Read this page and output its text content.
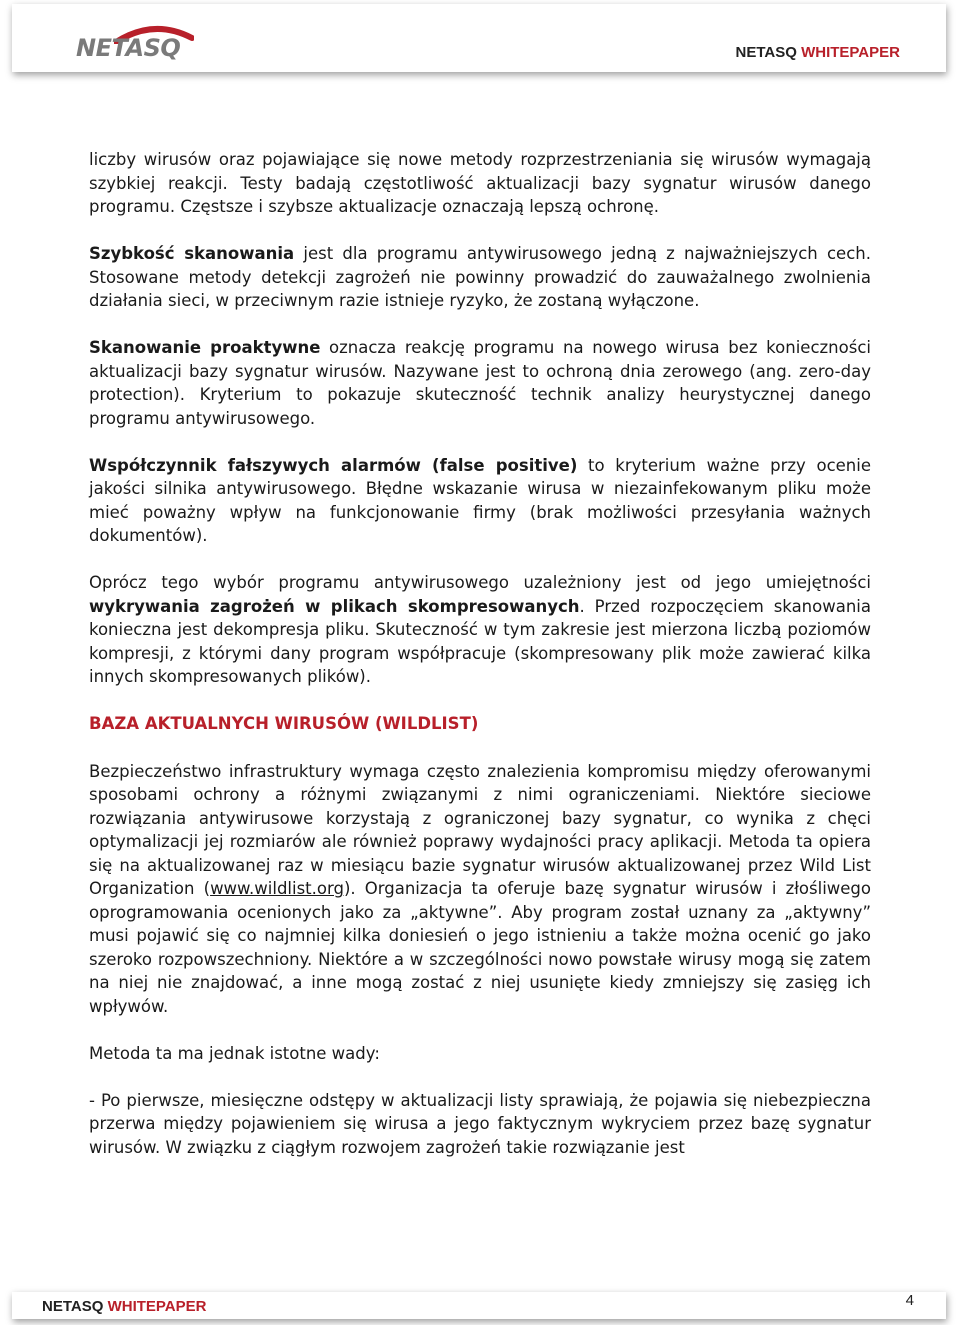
NETASQ	NETASQ WHITEPAPER

liczby wirusów oraz pojawiające się nowe metody rozprzestrzeniania się wirusów wymagają szybkiej reakcji. Testy badają częstotliwość aktualizacji bazy sygnatur wirusów danego programu. Częstsze i szybsze aktualizacje oznaczają lepszą ochronę.

Szybkość skanowania jest dla programu antywirusowego jedną z najważniejszych cech. Stosowane metody detekcji zagrożeń nie powinny prowadzić do zauważalnego zwolnienia działania sieci, w przeciwnym razie istnieje ryzyko, że zostaną wyłączone.

Skanowanie proaktywne oznacza reakcję programu na nowego wirusa bez konieczności aktualizacji bazy sygnatur wirusów. Nazywane jest to ochroną dnia zerowego (ang. zero-day protection). Kryterium to pokazuje skuteczność technik analizy heurystycznej danego programu antywirusowego.

Współczynnik fałszywych alarmów (false positive) to kryterium ważne przy ocenie jakości silnika antywirusowego. Błędne wskazanie wirusa w niezainfekowanym pliku może mieć poważny wpływ na funkcjonowanie firmy (brak możliwości przesyłania ważnych dokumentów).

Oprócz tego wybór programu antywirusowego uzależniony jest od jego umiejętności wykrywania zagrożeń w plikach skompresowanych. Przed rozpoczęciem skanowania konieczna jest dekompresja pliku. Skuteczność w tym zakresie jest mierzona liczbą poziomów kompresji, z którymi dany program współpracuje (skompresowany plik może zawierać kilka innych skompresowanych plików).

BAZA AKTUALNYCH WIRUSÓW (WILDLIST)

Bezpieczeństwo infrastruktury wymaga często znalezienia kompromisu między oferowanymi sposobami ochrony a różnymi związanymi z nimi ograniczeniami. Niektóre sieciowe rozwiązania antywirusowe korzystają z ograniczonej bazy sygnatur, co wynika z chęci optymalizacji jej rozmiarów ale również poprawy wydajności pracy aplikacji. Metoda ta opiera się na aktualizowanej raz w miesiącu bazie sygnatur wirusów aktualizowanej przez Wild List Organization (www.wildlist.org). Organizacja ta oferuje bazę sygnatur wirusów i złośliwego oprogramowania ocenionych jako za „aktywne”. Aby program został uznany za „aktywny” musi pojawić się co najmniej kilka doniesień o jego istnieniu a także można ocenić go jako szeroko rozpowszechniony. Niektóre a w szczególności nowo powstałe wirusy mogą się zatem na niej nie znajdować, a inne mogą zostać z niej usunięte kiedy zmniejszy się zasięg ich wpływów.

Metoda ta ma jednak istotne wady:

- Po pierwsze, miesięczne odstępy w aktualizacji listy sprawiają, że pojawia się niebezpieczna przerwa między pojawieniem się wirusa a jego faktycznym wykryciem przez bazę sygnatur wirusów. W związku z ciągłym rozwojem zagrożeń takie rozwiązanie jest

NETASQ WHITEPAPER	4
